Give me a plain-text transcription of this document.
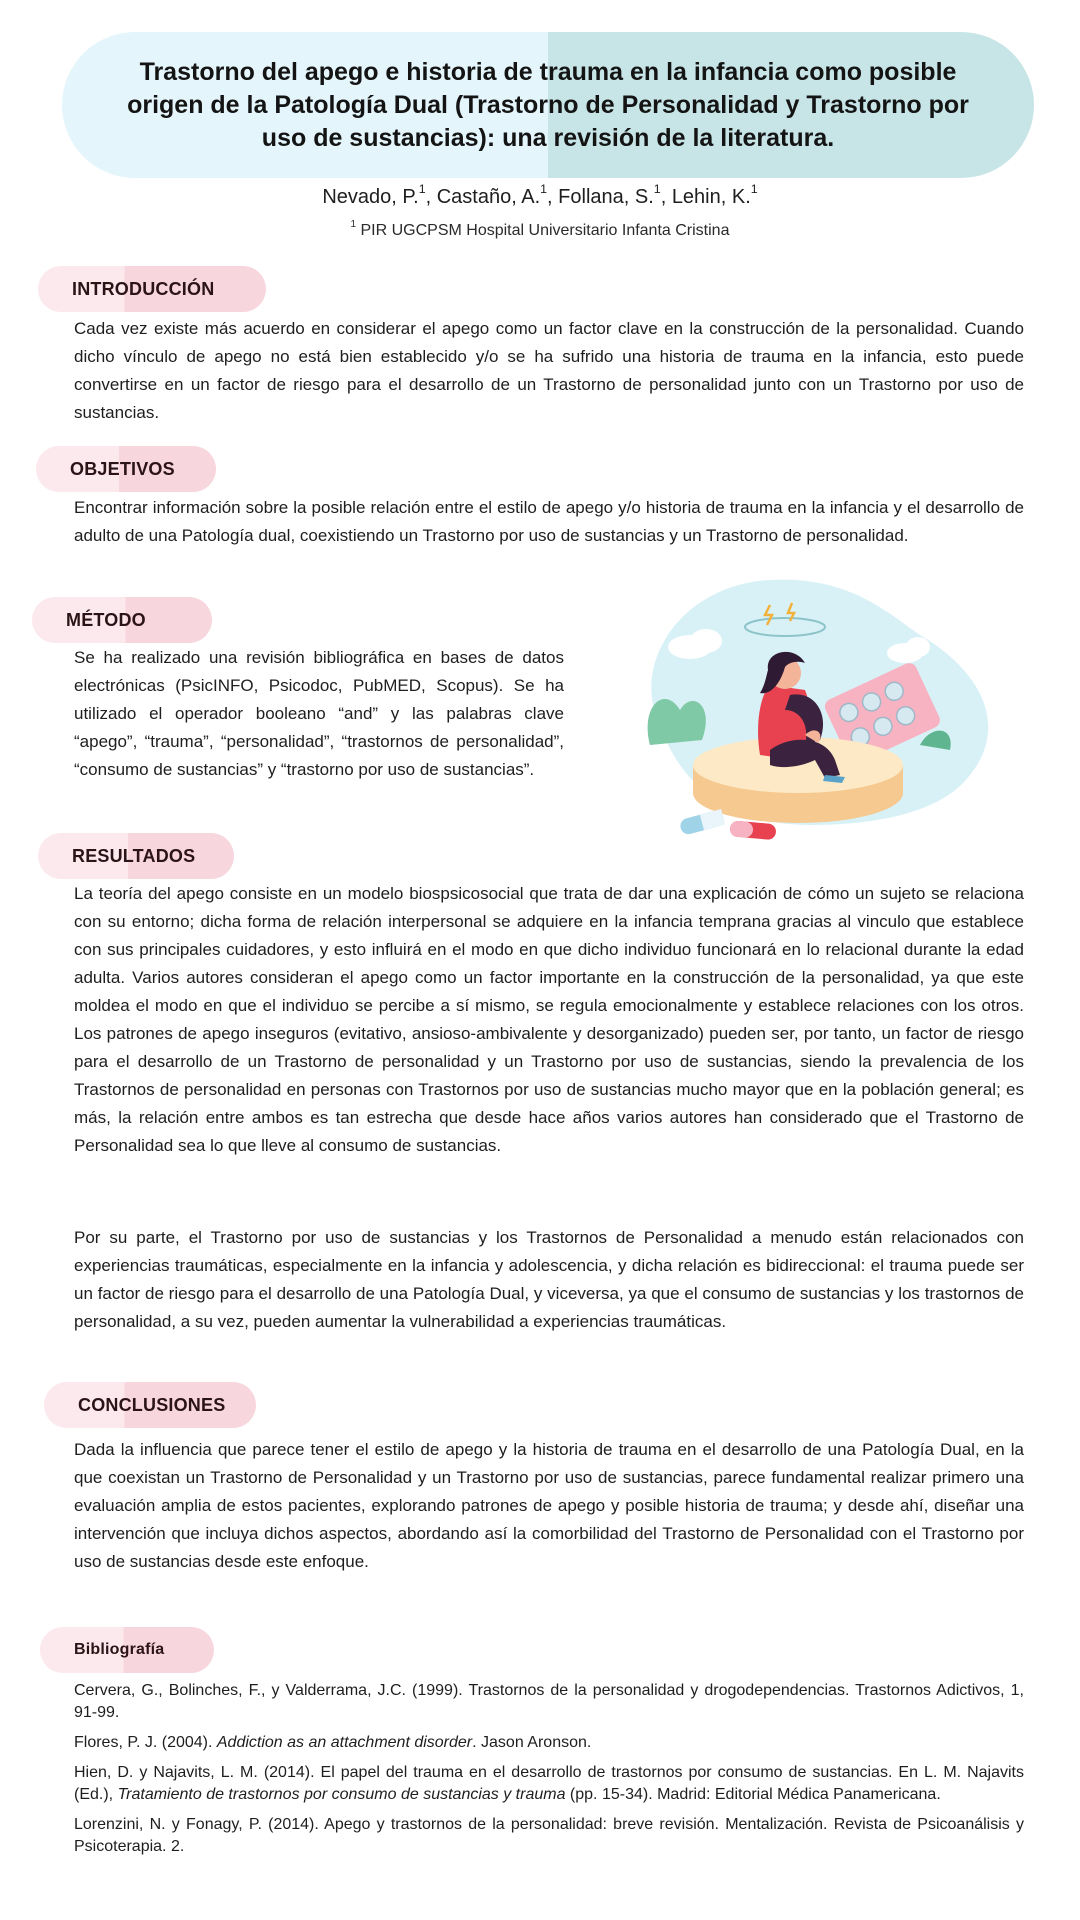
Trastorno del apego e historia de trauma en la infancia como posible origen de la Patología Dual (Trastorno de Personalidad y Trastorno por uso de sustancias): una revisión de la literatura.
Nevado, P.$^1$, Castaño, A.$^1$, Follana, S.$^1$, Lehin, K.$^1$
$^1$ PIR UGCPSM Hospital Universitario Infanta Cristina
INTRODUCCIÓN

Cada vez existe más acuerdo en considerar el apego como un factor clave en la construcción de la personalidad. Cuando dicho vínculo de apego no está bien establecido y/o se ha sufrido una historia de trauma en la infancia, esto puede convertirse en un factor de riesgo para el desarrollo de un Trastorno de personalidad junto con un Trastorno por uso de sustancias.

OBJETIVOS

Encontrar información sobre la posible relación entre el estilo de apego y/o historia de trauma en la infancia y el desarrollo de adulto de una Patología dual, coexistiendo un Trastorno por uso de sustancias y un Trastorno de personalidad.

MÉTODO

Se ha realizado una revisión bibliográfica en bases de datos electrónicas (PsicINFO, Psicodoc, PubMED, Scopus). Se ha utilizado el operador booleano “and” y las palabras clave “apego”, “trauma”, “personalidad”, “trastornos de personalidad”, “consumo de sustancias” y “trastorno por uso de sustancias”.

RESULTADOS

La teoría del apego consiste en un modelo biospsicosocial que trata de dar una explicación de cómo un sujeto se relaciona con su entorno; dicha forma de relación interpersonal se adquiere en la infancia temprana gracias al vinculo que establece con sus principales cuidadores, y esto influirá en el modo en que dicho individuo funcionará en lo relacional durante la edad adulta. Varios autores consideran el apego como un factor importante en la construcción de la personalidad, ya que este moldea el modo en que el individuo se percibe a sí mismo, se regula emocionalmente y establece relaciones con los otros. Los patrones de apego inseguros (evitativo, ansioso-ambivalente y desorganizado) pueden ser, por tanto, un factor de riesgo para el desarrollo de un Trastorno de personalidad y un Trastorno por uso de sustancias, siendo la prevalencia de los Trastornos de personalidad en personas con Trastornos por uso de sustancias mucho mayor que en la población general; es más, la relación entre ambos es tan estrecha que desde hace años varios autores han considerado que el Trastorno de Personalidad sea lo que lleve al consumo de sustancias.

Por su parte, el Trastorno por uso de sustancias y los Trastornos de Personalidad a menudo están relacionados con experiencias traumáticas, especialmente en la infancia y adolescencia, y dicha relación es bidireccional: el trauma puede ser un factor de riesgo para el desarrollo de una Patología Dual, y viceversa, ya que el consumo de sustancias y los trastornos de personalidad, a su vez, pueden aumentar la vulnerabilidad a experiencias traumáticas.

CONCLUSIONES

Dada la influencia que parece tener el estilo de apego y la historia de trauma en el desarrollo de una Patología Dual, en la que coexistan un Trastorno de Personalidad y un Trastorno por uso de sustancias, parece fundamental realizar primero una evaluación amplia de estos pacientes, explorando patrones de apego y posible historia de trauma; y desde ahí, diseñar una intervención que incluya dichos aspectos, abordando así la comorbilidad del Trastorno de Personalidad con el Trastorno por uso de sustancias desde este enfoque.

Bibliografía

Cervera, G., Bolinches, F., y Valderrama, J.C. (1999). Trastornos de la personalidad y drogodependencias. Trastornos Adictivos, 1, 91-99.

Flores, P. J. (2004). Addiction as an attachment disorder. Jason Aronson.

Hien, D. y Najavits, L. M. (2014). El papel del trauma en el desarrollo de trastornos por consumo de sustancias. En L. M. Najavits (Ed.), Tratamiento de trastornos por consumo de sustancias y trauma (pp. 15-34). Madrid: Editorial Médica Panamericana.

Lorenzini, N. y Fonagy, P. (2014). Apego y trastornos de la personalidad: breve revisión. Mentalización. Revista de Psicoanálisis y Psicoterapia. 2.
